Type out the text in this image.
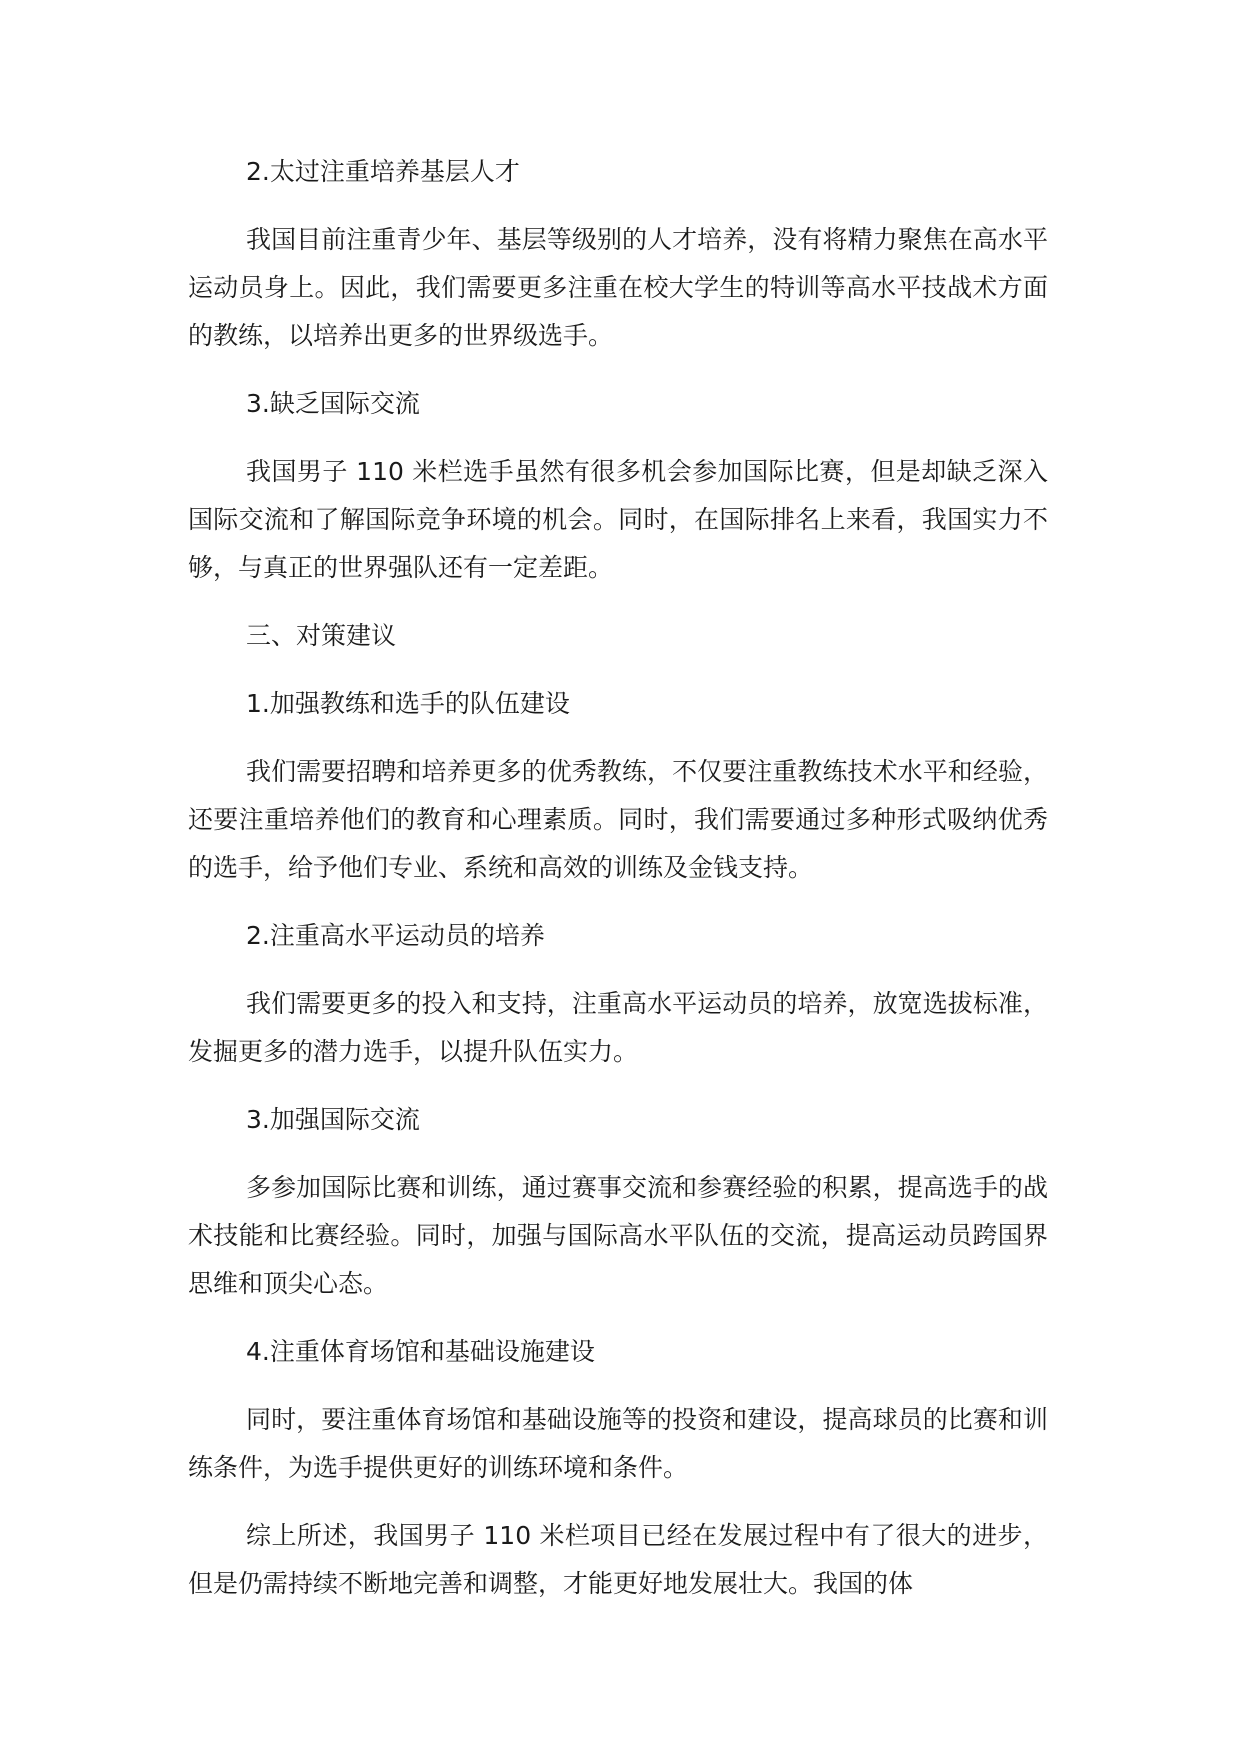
2.太过注重培养基层人才

我国目前注重青少年、基层等级别的人才培养，没有将精力聚焦在高水平运动员身上。因此，我们需要更多注重在校大学生的特训等高水平技战术方面的教练，以培养出更多的世界级选手。

3.缺乏国际交流

我国男子 110 米栏选手虽然有很多机会参加国际比赛，但是却缺乏深入国际交流和了解国际竞争环境的机会。同时，在国际排名上来看，我国实力不够，与真正的世界强队还有一定差距。

三、对策建议
1.加强教练和选手的队伍建设

我们需要招聘和培养更多的优秀教练，不仅要注重教练技术水平和经验，还要注重培养他们的教育和心理素质。同时，我们需要通过多种形式吸纳优秀的选手，给予他们专业、系统和高效的训练及金钱支持。

2.注重高水平运动员的培养

我们需要更多的投入和支持，注重高水平运动员的培养，放宽选拔标准，发掘更多的潜力选手，以提升队伍实力。

3.加强国际交流

多参加国际比赛和训练，通过赛事交流和参赛经验的积累，提高选手的战术技能和比赛经验。同时，加强与国际高水平队伍的交流，提高运动员跨国界思维和顶尖心态。

4.注重体育场馆和基础设施建设

同时，要注重体育场馆和基础设施等的投资和建设，提高球员的比赛和训练条件，为选手提供更好的训练环境和条件。

综上所述，我国男子 110 米栏项目已经在发展过程中有了很大的进步，但是仍需持续不断地完善和调整，才能更好地发展壮大。我国的体
